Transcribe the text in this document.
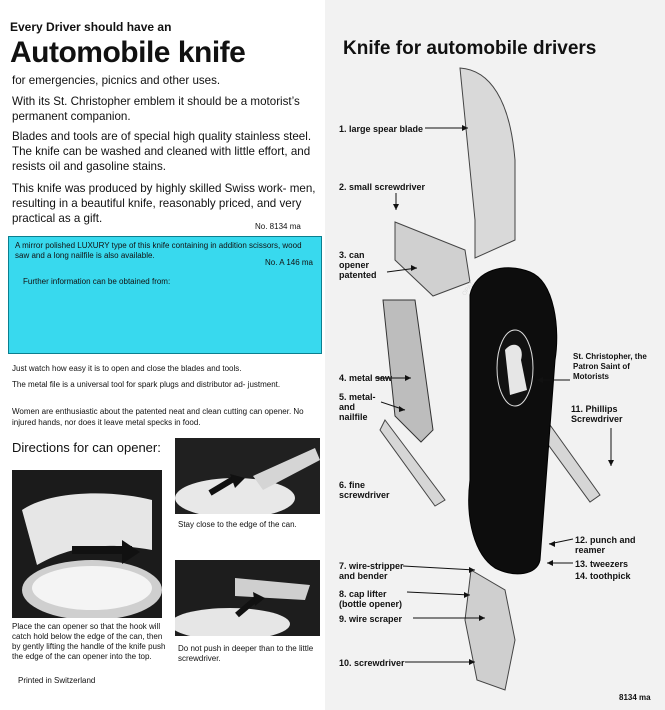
Every Driver should have an
Automobile knife
for emergencies, picnics and other uses.
With its St. Christopher emblem it should be a motorist’s permanent companion.
Blades and tools are of special high quality stainless steel. The knife can be washed and cleaned with little effort, and resists oil and gasoline stains.
This knife was produced by highly skilled Swiss work- men, resulting in a beautiful knife, reasonably priced, and very practical as a gift.
No. 8134 ma
A mirror polished LUXURY type of this knife containing in addition scissors, wood saw and a long nailfile is also available.
No. A 146 ma
Further information can be obtained from:
Just watch how easy it is to open and close the blades and tools.
The metal file is a universal tool for spark plugs and distributor ad- justment.
Women are enthusiastic about the patented neat and clean cutting can opener. No injured hands, nor does it leave metal specks in food.
Directions for can opener:
Stay close to the edge of the can.
Place the can opener so that the hook will catch hold below the edge of the can, then by gently lifting the handle of the knife push the edge of the can opener into the top.
Do not push in deeper than to the little screwdriver.
Printed in Switzerland
Knife for automobile drivers
OPAT
1. large spear blade
2. small screwdriver
3. can opener patented
4. metal saw
5. metal- and nailfile
6. fine screwdriver
7. wire-stripper and bender
8. cap lifter (bottle opener)
9. wire scraper
10. screwdriver
St. Christopher, the Patron Saint of Motorists
11. Phillips Screwdriver
12. punch and reamer
13. tweezers
14. toothpick
8134 ma
